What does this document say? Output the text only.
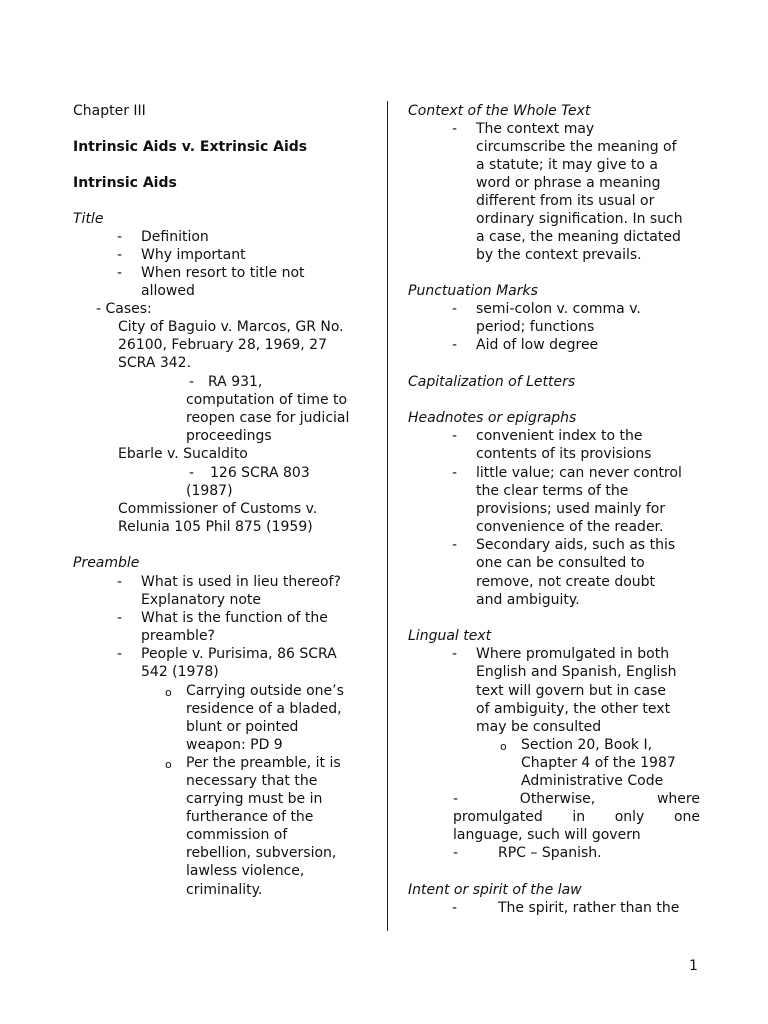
Chapter III
Intrinsic Aids v. Extrinsic Aids
Intrinsic Aids
Title
- Definition
- Why important
- When resort to title not
allowed
- Cases:
City of Baguio v. Marcos, GR No.
26100, February 28, 1969, 27
SCRA 342.
- RA 931,
computation of time to
reopen case for judicial
proceedings
Ebarle v. Sucaldito
- 126 SCRA 803
(1987)
Commissioner of Customs v.
Relunia 105 Phil 875 (1959)
Preamble
- What is used in lieu thereof?
Explanatory note
- What is the function of the
preamble?
- People v. Purisima, 86 SCRA
542 (1978)
o Carrying outside one’s
residence of a bladed,
blunt or pointed
weapon: PD 9
o Per the preamble, it is
necessary that the
carrying must be in
furtherance of the
commission of
rebellion, subversion,
lawless violence,
criminality.
Context of the Whole Text
- The context may
circumscribe the meaning of
a statute; it may give to a
word or phrase a meaning
different from its usual or
ordinary signification. In such
a case, the meaning dictated
by the context prevails.
Punctuation Marks
- semi-colon v. comma v.
period; functions
- Aid of low degree
Capitalization of Letters
Headnotes or epigraphs
- convenient index to the
contents of its provisions
- little value; can never control
the clear terms of the
provisions; used mainly for
convenience of the reader.
- Secondary aids, such as this
one can be consulted to
remove, not create doubt
and ambiguity.
Lingual text
- Where promulgated in both
English and Spanish, English
text will govern but in case
of ambiguity, the other text
may be consulted
o Section 20, Book I,
Chapter 4 of the 1987
Administrative Code
-	Otherwise,	where
promulgated in only one
language, such will govern
-	RPC – Spanish.
Intent or spirit of the law
-	The spirit, rather than the
1
